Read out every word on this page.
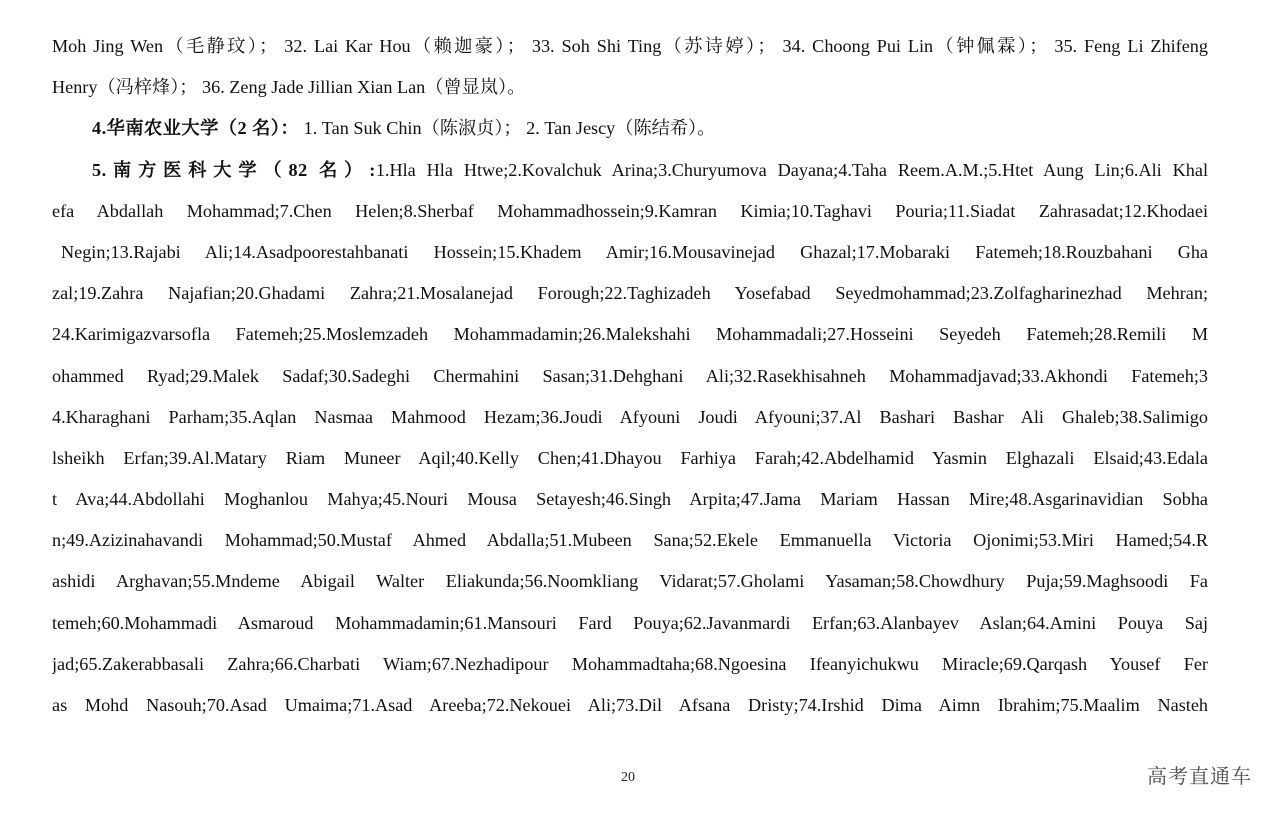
Moh Jing Wen（毛静玟）； 32. Lai Kar Hou（赖迦豪）； 33. Soh Shi Ting（苏诗婷）； 34. Choong Pui Lin（钟佩霖）； 35. Feng Li Zhifeng
Henry（冯梓烽）； 36. Zeng Jade Jillian Xian Lan（曾显岚）。
4.华南农业大学（2 名）： 1. Tan Suk Chin（陈淑贞）； 2. Tan Jescy（陈结希）。
5.南方医科大学（82 名）:1.Hla Hla Htwe;2.Kovalchuk Arina;3.Churyumova Dayana;4.Taha Reem.A.M.;5.Htet Aung Lin;6.Ali Khal
efa Abdallah Mohammad;7.Chen Helen;8.Sherbaf Mohammadhossein;9.Kamran Kimia;10.Taghavi Pouria;11.Siadat Zahrasadat;12.Khodaei
Negin;13.Rajabi Ali;14.Asadpoorestahbanati Hossein;15.Khadem Amir;16.Mousavinejad Ghazal;17.Mobaraki Fatemeh;18.Rouzbahani Gha
zal;19.Zahra Najafian;20.Ghadami Zahra;21.Mosalanejad Forough;22.Taghizadeh Yosefabad Seyedmohammad;23.Zolfagharinezhad Mehran;
24.Karimigazvarsofla Fatemeh;25.Moslemzadeh Mohammadamin;26.Malekshahi Mohammadali;27.Hosseini Seyedeh Fatemeh;28.Remili M
ohammed Ryad;29.Malek Sadaf;30.Sadeghi Chermahini Sasan;31.Dehghani Ali;32.Rasekhisahneh Mohammadjavad;33.Akhondi Fatemeh;3
4.Kharaghani Parham;35.Aqlan Nasmaa Mahmood Hezam;36.Joudi Afyouni Joudi Afyouni;37.Al Bashari Bashar Ali Ghaleb;38.Salimigo
lsheikh Erfan;39.Al.Matary Riam Muneer Aqil;40.Kelly Chen;41.Dhayou Farhiya Farah;42.Abdelhamid Yasmin Elghazali Elsaid;43.Edala
t Ava;44.Abdollahi Moghanlou Mahya;45.Nouri Mousa Setayesh;46.Singh Arpita;47.Jama Mariam Hassan Mire;48.Asgarinavidian Sobha
n;49.Azizinahavandi Mohammad;50.Mustaf Ahmed Abdalla;51.Mubeen Sana;52.Ekele Emmanuella Victoria Ojonimi;53.Miri Hamed;54.R
ashidi Arghavan;55.Mndeme Abigail Walter Eliakunda;56.Noomkliang Vidarat;57.Gholami Yasaman;58.Chowdhury Puja;59.Maghsoodi Fa
temeh;60.Mohammadi Asmaroud Mohammadamin;61.Mansouri Fard Pouya;62.Javanmardi Erfan;63.Alanbayev Aslan;64.Amini Pouya Saj
jad;65.Zakerabbasali Zahra;66.Charbati Wiam;67.Nezhadipour Mohammadtaha;68.Ngoesina Ifeanyichukwu Miracle;69.Qarqash Yousef Fer
as Mohd Nasouh;70.Asad Umaima;71.Asad Areeba;72.Nekouei Ali;73.Dil Afsana Dristy;74.Irshid Dima Aimn Ibrahim;75.Maalim Nasteh
20	高考直通车
